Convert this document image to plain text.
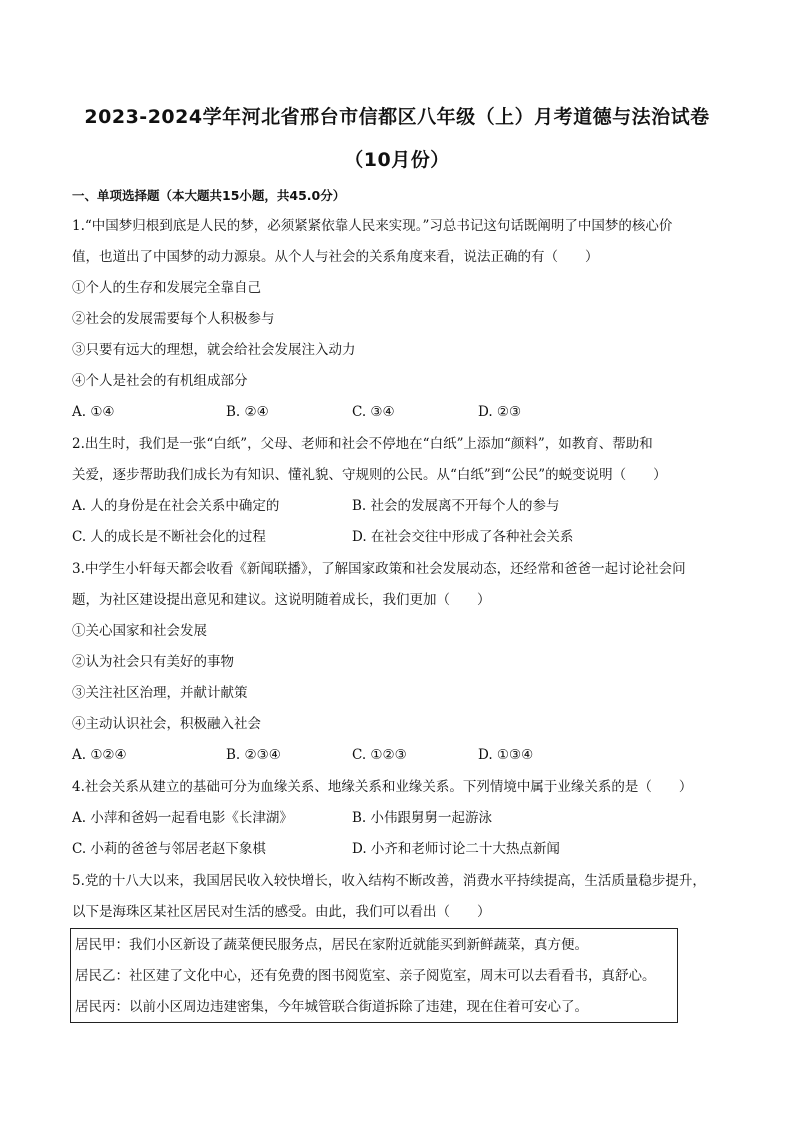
2023-2024学年河北省邢台市信都区八年级（上）月考道德与法治试卷
（10月份）
一、单项选择题（本大题共15小题，共45.0分）
1.“中国梦归根到底是人民的梦，必须紧紧依靠人民来实现。”习总书记这句话既阐明了中国梦的核心价
值，也道出了中国梦的动力源泉。从个人与社会的关系角度来看，说法正确的有（　　）
①个人的生存和发展完全靠自己
②社会的发展需要每个人积极参与
③只要有远大的理想，就会给社会发展注入动力
④个人是社会的有机组成部分
A. ①④	B. ②④	C. ③④	D. ②③
2.出生时，我们是一张“白纸”，父母、老师和社会不停地在“白纸”上添加“颜料”，如教育、帮助和
关爱，逐步帮助我们成长为有知识、懂礼貌、守规则的公民。从“白纸”到“公民”的蜕变说明（　　）
A. 人的身份是在社会关系中确定的	B. 社会的发展离不开每个人的参与
C. 人的成长是不断社会化的过程	D. 在社会交往中形成了各种社会关系
3.中学生小轩每天都会收看《新闻联播》，了解国家政策和社会发展动态，还经常和爸爸一起讨论社会问
题，为社区建设提出意见和建议。这说明随着成长，我们更加（　　）
①关心国家和社会发展
②认为社会只有美好的事物
③关注社区治理，并献计献策
④主动认识社会，积极融入社会
A. ①②④	B. ②③④	C. ①②③	D. ①③④
4.社会关系从建立的基础可分为血缘关系、地缘关系和业缘关系。下列情境中属于业缘关系的是（　　）
A. 小萍和爸妈一起看电影《长津湖》	B. 小伟跟舅舅一起游泳
C. 小莉的爸爸与邻居老赵下象棋	D. 小齐和老师讨论二十大热点新闻
5.党的十八大以来，我国居民收入较快增长，收入结构不断改善，消费水平持续提高，生活质量稳步提升，
以下是海珠区某社区居民对生活的感受。由此，我们可以看出（　　）
居民甲：我们小区新设了蔬菜便民服务点，居民在家附近就能买到新鲜蔬菜，真方便。
居民乙：社区建了文化中心，还有免费的图书阅览室、亲子阅览室，周末可以去看看书，真舒心。
居民丙：以前小区周边违建密集，今年城管联合街道拆除了违建，现在住着可安心了。
